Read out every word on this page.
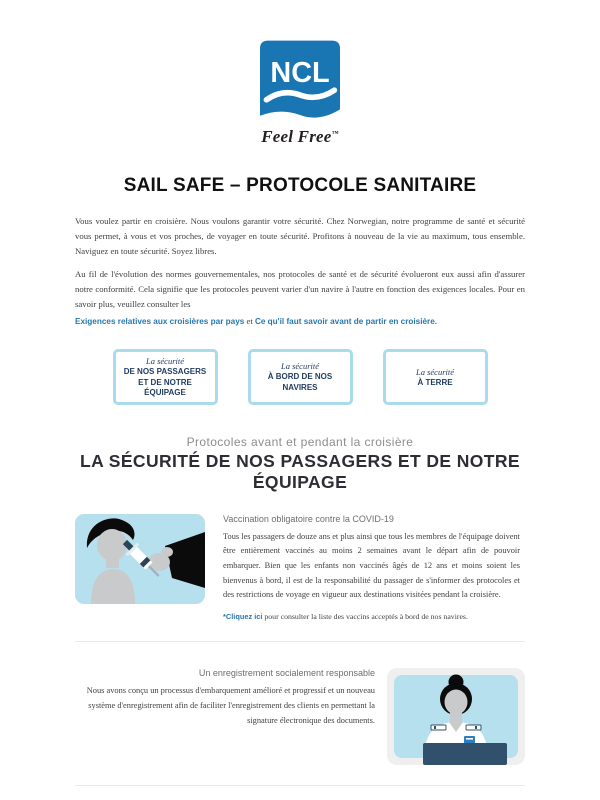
NCL
Feel Free™
SAIL SAFE – PROTOCOLE SANITAIRE

Vous voulez partir en croisière. Nous voulons garantir votre sécurité. Chez Norwegian, notre programme de santé et sécurité vous permet, à vous et vos proches, de voyager en toute sécurité. Profitons à nouveau de la vie au maximum, tous ensemble. Naviguez en toute sécurité. Soyez libres.

Au fil de l'évolution des normes gouvernementales, nos protocoles de santé et de sécurité évolueront eux aussi afin d'assurer notre conformité. Cela signifie que les protocoles peuvent varier d'un navire à l'autre en fonction des exigences locales. Pour en savoir plus, veuillez consulter les

Exigences relatives aux croisières par pays et Ce qu'il faut savoir avant de partir en croisière.
La sécurité
DE NOS PASSAGERS ET DE NOTRE ÉQUIPAGE
La sécurité
À BORD DE NOS NAVIRES
La sécurité
À TERRE
Protocoles avant et pendant la croisière
LA SÉCURITÉ DE NOS PASSAGERS ET DE NOTRE ÉQUIPAGE
Vaccination obligatoire contre la COVID-19
Tous les passagers de douze ans et plus ainsi que tous les membres de l'équipage doivent être entièrement vaccinés au moins 2 semaines avant le départ afin de pouvoir embarquer. Bien que les enfants non vaccinés âgés de 12 ans et moins soient les bienvenus à bord, il est de la responsabilité du passager de s'informer des protocoles et des restrictions de voyage en vigueur aux destinations visitées pendant la croisière.
*Cliquez ici pour consulter la liste des vaccins acceptés à bord de nos navires.
Un enregistrement socialement responsable
Nous avons conçu un processus d'embarquement amélioré et progressif et un nouveau système d'enregistrement afin de faciliter l'enregistrement des clients en permettant la signature électronique des documents.
